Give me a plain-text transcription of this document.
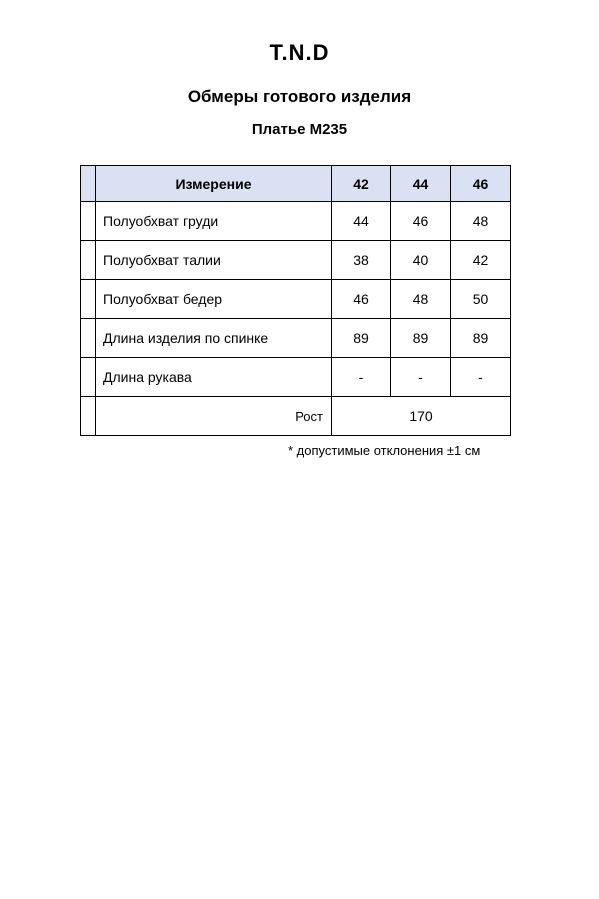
T.N.D
Обмеры готового изделия
Платье М235
	Измерение	42	44	46
	Полуобхват груди	44	46	48
	Полуобхват талии	38	40	42
	Полуобхват бедер	46	48	50
	Длина изделия по спинке	89	89	89
	Длина рукава	-	-	-
	Рост	170		
* допустимые отклонения ±1 см
